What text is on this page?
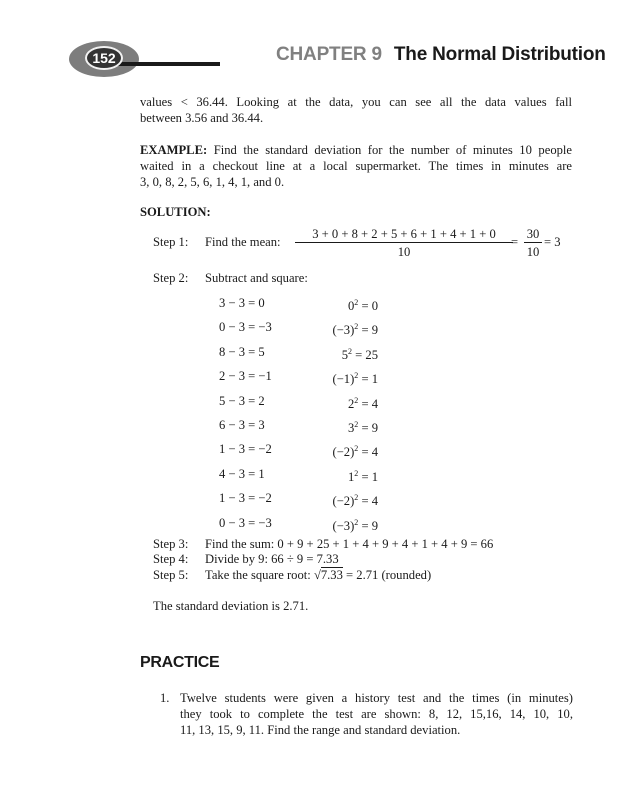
152	CHAPTER 9 The Normal Distribution
values < 36.44. Looking at the data, you can see all the data values fall
between 3.56 and 36.44.
EXAMPLE: Find the standard deviation for the number of minutes 10 people
waited in a checkout line at a local supermarket. The times in minutes are
3, 0, 8, 2, 5, 6, 1, 4, 1, and 0.
SOLUTION:
Step 1: Find the mean:
3 + 0 + 8 + 2 + 5 + 6 + 1 + 4 + 1 + 0
10
=
30
10
= 3
Step 2: Subtract and square:
3 − 3 = 0	$0^2 = 0$
0 − 3 = −3	$(-3)^2 = 9$
8 − 3 = 5	$5^2 = 25$
2 − 3 = −1	$(-1)^2 = 1$
5 − 3 = 2	$2^2 = 4$
6 − 3 = 3	$3^2 = 9$
1 − 3 = −2	$(-2)^2 = 4$
4 − 3 = 1	$1^2 = 1$
1 − 3 = −2	$(-2)^2 = 4$
0 − 3 = −3	$(-3)^2 = 9$
Step 3: Find the sum: 0 + 9 + 25 + 1 + 4 + 9 + 4 + 1 + 4 + 9 = 66
Step 4: Divide by 9: 66 ÷ 9 = 7.33
Step 5: Take the square root: √7.33 = 2.71 (rounded)
The standard deviation is 2.71.
PRACTICE
1. Twelve students were given a history test and the times (in minutes)
they took to complete the test are shown: 8, 12, 15,16, 14, 10, 10,
11, 13, 15, 9, 11. Find the range and standard deviation.
